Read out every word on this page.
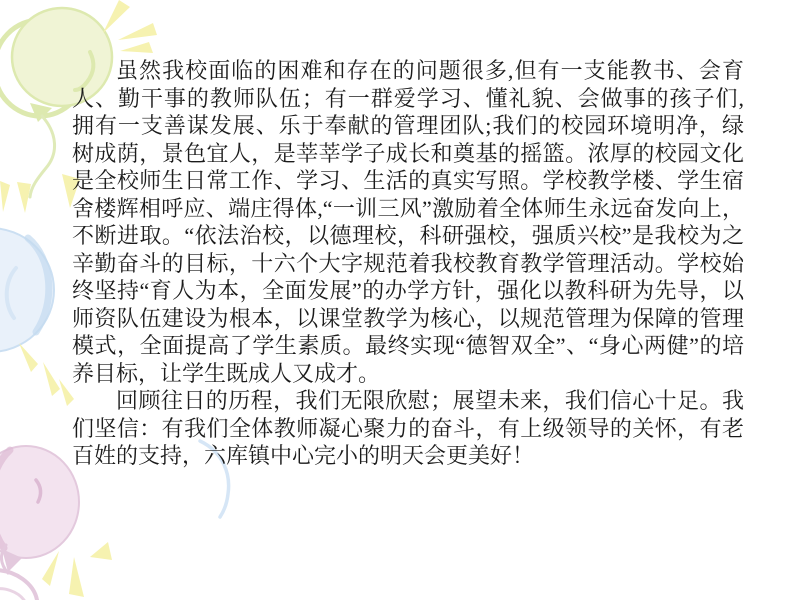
虽然我校面临的困难和存在的问题很多,但有一支能教书、会育
人、勤干事的教师队伍；有一群爱学习、懂礼貌、会做事的孩子们,
拥有一支善谋发展、乐于奉献的管理团队;我们的校园环境明净，绿
树成荫，景色宜人，是莘莘学子成长和奠基的摇篮。浓厚的校园文化
是全校师生日常工作、学习、生活的真实写照。学校教学楼、学生宿
舍楼辉相呼应、端庄得体,“一训三风”激励着全体师生永远奋发向上，
不断进取。“依法治校，以德理校，科研强校，强质兴校”是我校为之
辛勤奋斗的目标，十六个大字规范着我校教育教学管理活动。学校始
终坚持“育人为本，全面发展”的办学方针，强化以教科研为先导，以
师资队伍建设为根本，以课堂教学为核心，以规范管理为保障的管理
模式，全面提高了学生素质。最终实现“德智双全”、“身心两健”的培
养目标，让学生既成人又成才。
回顾往日的历程，我们无限欣慰；展望未来，我们信心十足。我
们坚信：有我们全体教师凝心聚力的奋斗，有上级领导的关怀，有老
百姓的支持，六库镇中心完小的明天会更美好！
